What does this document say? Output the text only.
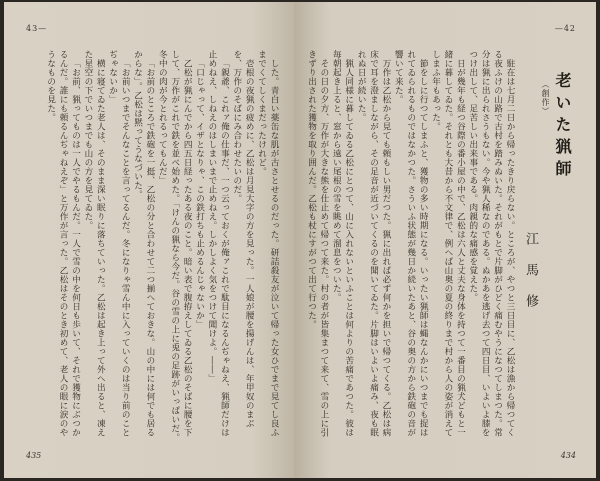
43—

した。青白い薬缶な肌が古さとせるのだった。研詰殺友が泣いて帰った女ひでまで見てし良ふまでくてしくまだったけれど。

壱根の夜猟の疲めに、乙松は月見大字の方を見った。一人娘が腰を揚げんは、年甲奴のまぶを、万作のそばにみ合わせたいのだ。

「親爺、これァ俺の仕事だ、一つ云っておくが俺ァこれで駄目になるんぢゃねえ、猟師だけは止めねえ、しねえのはしまいまで止めねえ。しかしよく気をつけて聞けよ。――」

「口じゃって、イザとなりゃ、この鉄打ちも止めるんじゃないか」

乙松が猟にんでから四五日経ったある夜のこと。暗い表で腹拵えしてゐる乙松のそばに腰を下して、万作がこれで鉄を並べ始めた。「けんの猟なら今だ。谷の雪の上に兎の足跡がいっぱいだ。冬中の肉が今とれるってもんだ」

「お前のところで鉄砲を一挺、乙松の分と合わせて二つ揃へておきな。山の中には何でも居るからな」。乙松は黙ってうなづいた。

「お前いつまでそんなことを言ってるんだ。冬になりゃ雪ん中に入っていくのは当り前のことぢゃないか」

横に寝てゐた老人は、そのまま深い眠りに落ちていった。乙松は起き上って外へ出ると、凍えた星空の下でいつまでも山の方を見てゐた。

「お前、猟ってものは一人でやるもんだ。一人で雪の中を何日も歩いて、それで獲物にぶつかるんだ。誰にも頼るんぢゃねえぞ」と万作が言った。乙松はそのとき初めて、老人の眼に涙のやうなものを見た。

435
—42
老いた猟師
（創作）
江馬修

駐在は七月二日から帰ったきり戻らない。ところが、やつと三日目に、乙松は漁から帰つてくる夜ふけの山路で古村を踏みぬいた。それがもとで片脚がひどく痛むやうになつてしまつた。常分は猟に出られさうもない。今や猟人稀なのである。ぬかあを逃げ去つて四日目、いよいよ膝をつけ出して、足苦しい出来事である。肉親的な痛感を覚えた。

日が幾年も経つ谷際の番小屋の中で、乙松は六人と丈夫な身体を持つて一番目の猟犬どもと一緒に暮してゐた。それとも大昔から不文律で、例へば山奥の夏の終りまで村から人の姿が消えてしまふ年もあった。

節をしに行つてしまふと、獲物の多い時期になる。いったい猟師は蝿なんかにいつまでも捉はれてゐられるものではなかつた。さういふ状態が幾日か続いたあと、谷の奥の方から鉄砲の音が響いて来た。

万作は乙松から見ても頼もしい男だつた。猟に出れば必ず何かを担いで帰つてくる。乙松は病床で耳を澄ましながら、その足音が近づいてくるのを聞いてゐた。片脚はいよいよ痛み、夜も眠れぬ日が続いた。

猟人同様に暮してゐる乙松にとつて、山に入れないといふことは何よりの苦痛であつた。彼は毎朝起き上ると、窓から遠い尾根の雪を眺めて溜息をついた。

その日の夕方、万作が大きな熊を仕止めて帰つて来た。村の者が皆集まつて来て、雪の上に引きずり出された獲物を取り囲んだ。乙松も杖にすがつて出て行つた。

434
